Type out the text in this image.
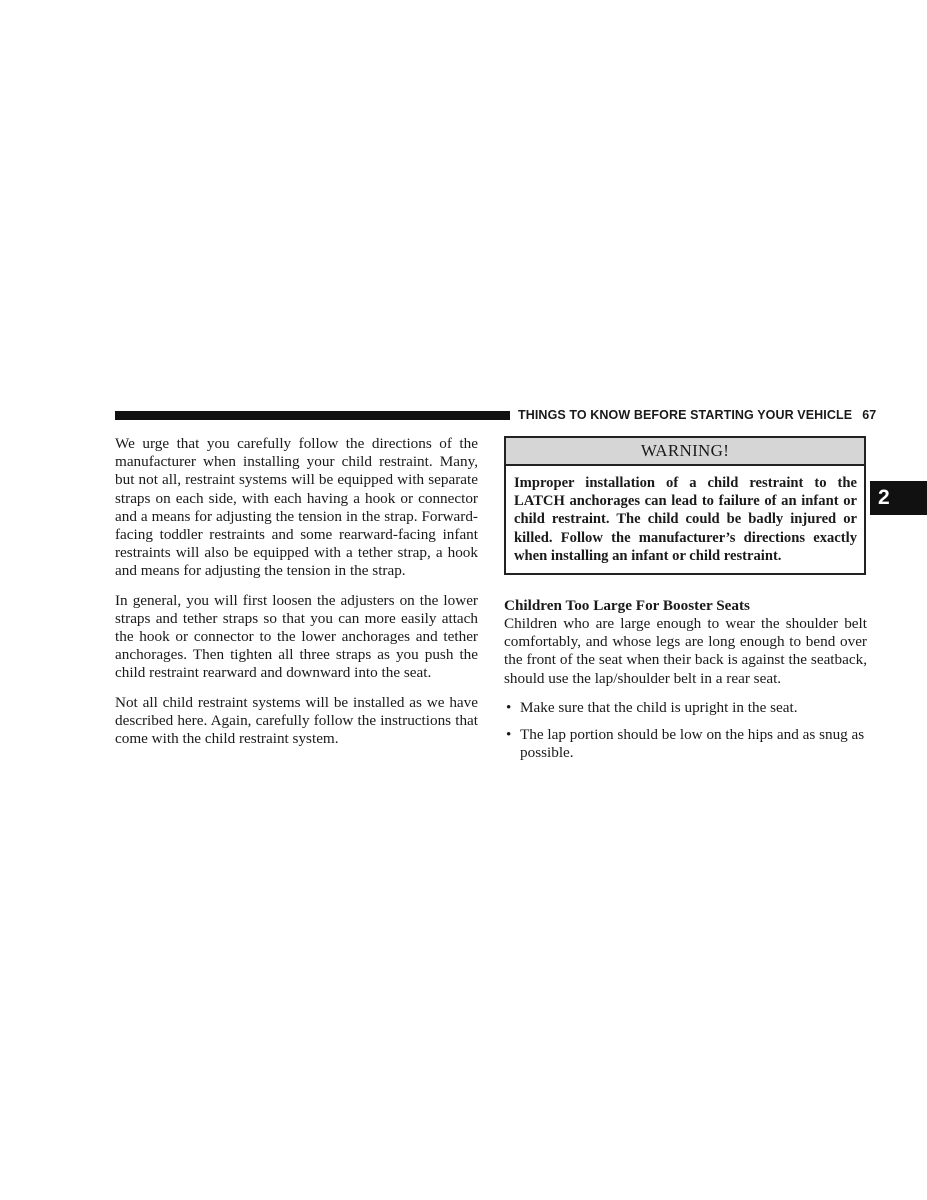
THINGS TO KNOW BEFORE STARTING YOUR VEHICLE 67
2

We urge that you carefully follow the directions of the manufacturer when installing your child restraint. Many, but not all, restraint systems will be equipped with separate straps on each side, with each having a hook or connector and a means for adjusting the tension in the strap. Forward-facing toddler restraints and some rearward-facing infant restraints will also be equipped with a tether strap, a hook and means for adjusting the tension in the strap.

In general, you will first loosen the adjusters on the lower straps and tether straps so that you can more easily attach the hook or connector to the lower anchorages and tether anchorages. Then tighten all three straps as you push the child restraint rearward and downward into the seat.

Not all child restraint systems will be installed as we have described here. Again, carefully follow the instructions that come with the child restraint system.

WARNING!
Improper installation of a child restraint to the LATCH anchorages can lead to failure of an infant or child restraint. The child could be badly injured or killed. Follow the manufacturer’s directions exactly when installing an infant or child restraint.
Children Too Large For Booster Seats

Children who are large enough to wear the shoulder belt comfortably, and whose legs are long enough to bend over the front of the seat when their back is against the seatback, should use the lap/shoulder belt in a rear seat.

• Make sure that the child is upright in the seat.
• The lap portion should be low on the hips and as snug as possible.
